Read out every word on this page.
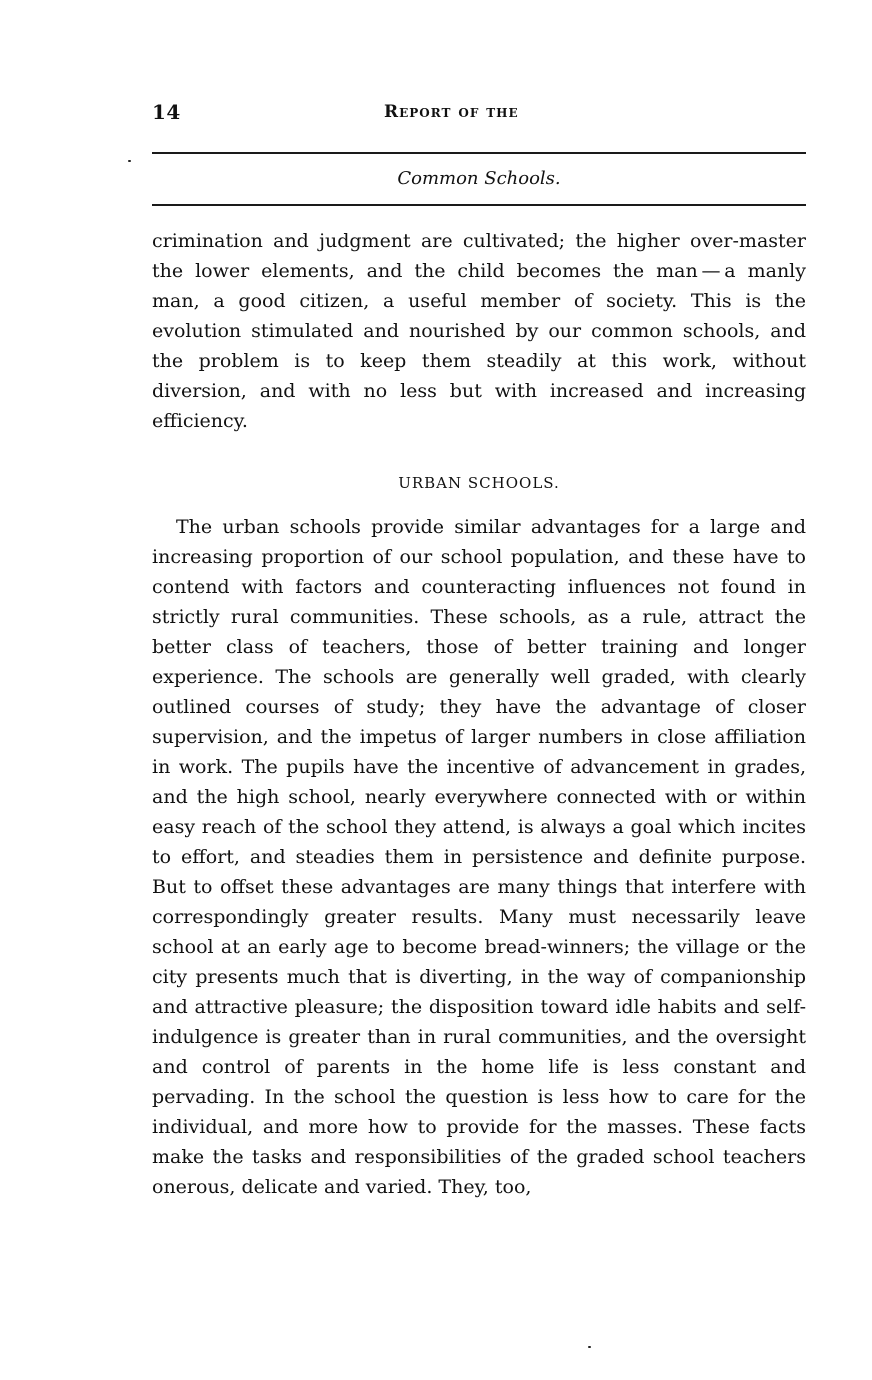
14	Report of the
Common Schools.

crimination and judgment are cultivated; the higher over-master the lower elements, and the child becomes the man — a manly man, a good citizen, a useful member of society. This is the evolution stimulated and nourished by our common schools, and the problem is to keep them steadily at this work, without diversion, and with no less but with increased and increasing efficiency.

URBAN SCHOOLS.

The urban schools provide similar advantages for a large and increasing proportion of our school population, and these have to contend with factors and counteracting influences not found in strictly rural communities. These schools, as a rule, attract the better class of teachers, those of better training and longer experience. The schools are generally well graded, with clearly outlined courses of study; they have the advantage of closer supervision, and the impetus of larger numbers in close affiliation in work. The pupils have the incentive of advancement in grades, and the high school, nearly everywhere connected with or within easy reach of the school they attend, is always a goal which incites to effort, and steadies them in persistence and definite purpose. But to offset these advantages are many things that interfere with correspondingly greater results. Many must necessarily leave school at an early age to become bread-winners; the village or the city presents much that is diverting, in the way of companionship and attractive pleasure; the disposition toward idle habits and self-indulgence is greater than in rural communities, and the oversight and control of parents in the home life is less constant and pervading. In the school the question is less how to care for the individual, and more how to provide for the masses. These facts make the tasks and responsibilities of the graded school teachers onerous, delicate and varied. They, too,
